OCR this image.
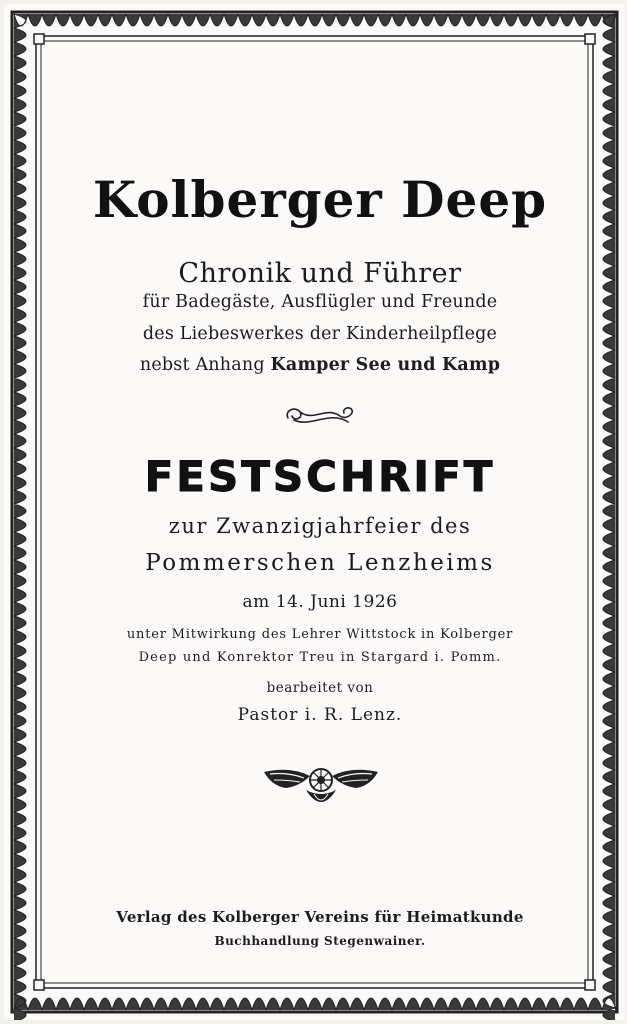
Kolberger Deep
Chronik und Führer
für Badegäste, Ausflügler und Freunde
des Liebeswerkes der Kinderheilpflege
nebst Anhang Kamper See und Kamp
FESTSCHRIFT
zur Zwanzigjahrfeier des
Pommerschen Lenzheims
am 14. Juni 1926
unter Mitwirkung des Lehrer Wittstock in Kolberger
Deep und Konrektor Treu in Stargard i. Pomm.
bearbeitet von
Pastor i. R. Lenz.
Verlag des Kolberger Vereins für Heimatkunde
Buchhandlung Stegenwainer.
